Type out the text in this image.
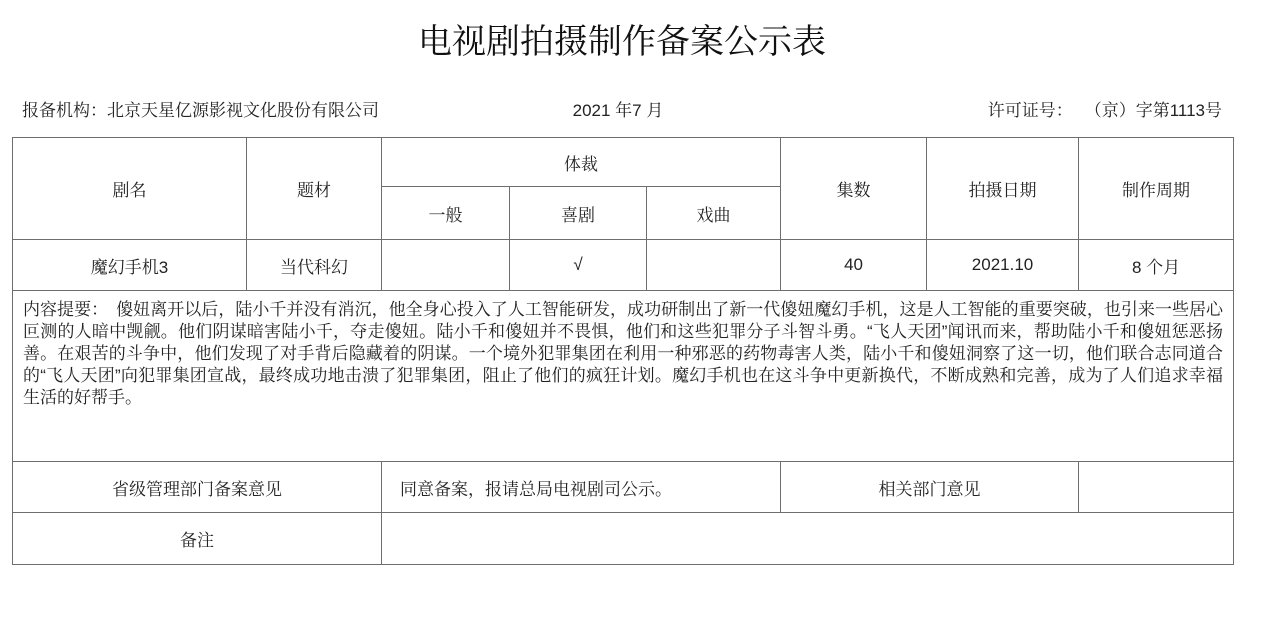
电视剧拍摄制作备案公示表
报备机构：北京天星亿源影视文化股份有限公司	2021 年7 月	许可证号： （京）字第1113号
剧名	题材	体裁			集数	拍摄日期	制作周期
		一般	喜剧	戏曲			
魔幻手机3	当代科幻		√		40	2021.10	8 个月
内容提要： 傻妞离开以后，陆小千并没有消沉，他全身心投入了人工智能研发，成功研制出了新一代傻妞魔幻手机，这是人工智能的重要突破，也引来一些居心叵测的人暗中觊觎。他们阴谋暗害陆小千，夺走傻妞。陆小千和傻妞并不畏惧，他们和这些犯罪分子斗智斗勇。“飞人天团”闻讯而来，帮助陆小千和傻妞惩恶扬善。在艰苦的斗争中，他们发现了对手背后隐藏着的阴谋。一个境外犯罪集团在利用一种邪恶的药物毒害人类，陆小千和傻妞洞察了这一切，他们联合志同道合的“飞人天团”向犯罪集团宣战，最终成功地击溃了犯罪集团，阻止了他们的疯狂计划。魔幻手机也在这斗争中更新换代，不断成熟和完善，成为了人们追求幸福生活的好帮手。							
省级管理部门备案意见		同意备案，报请总局电视剧司公示。			相关部门意见		
备注							
